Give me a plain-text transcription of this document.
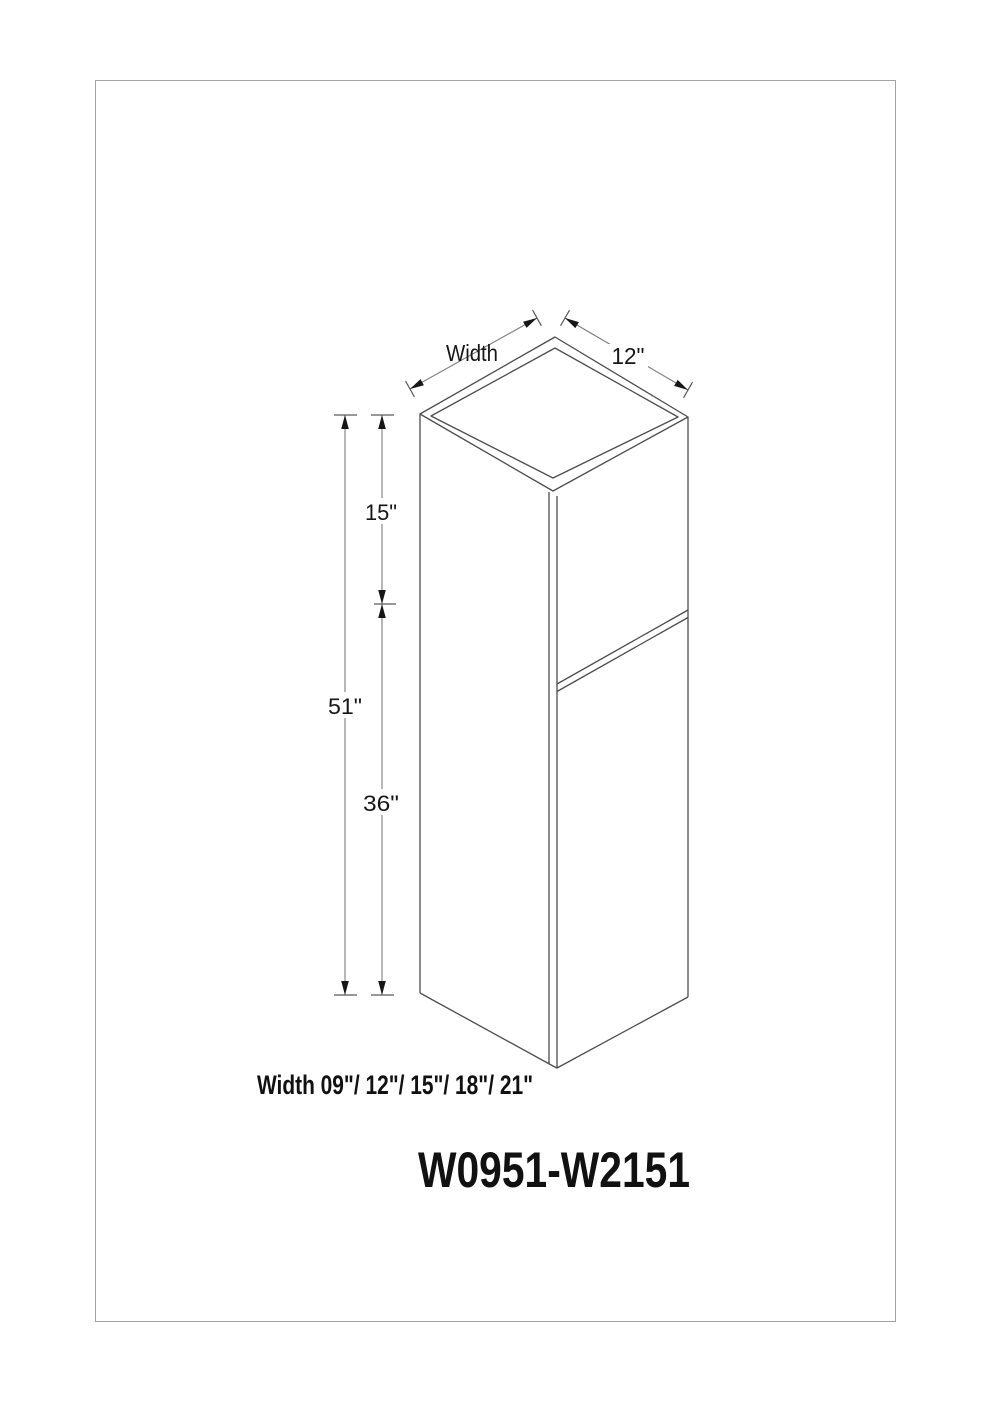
Width	12"
51"
15"
36"
Width 09"/ 12"/ 15"/ 18"/ 21"
W0951-W2151
